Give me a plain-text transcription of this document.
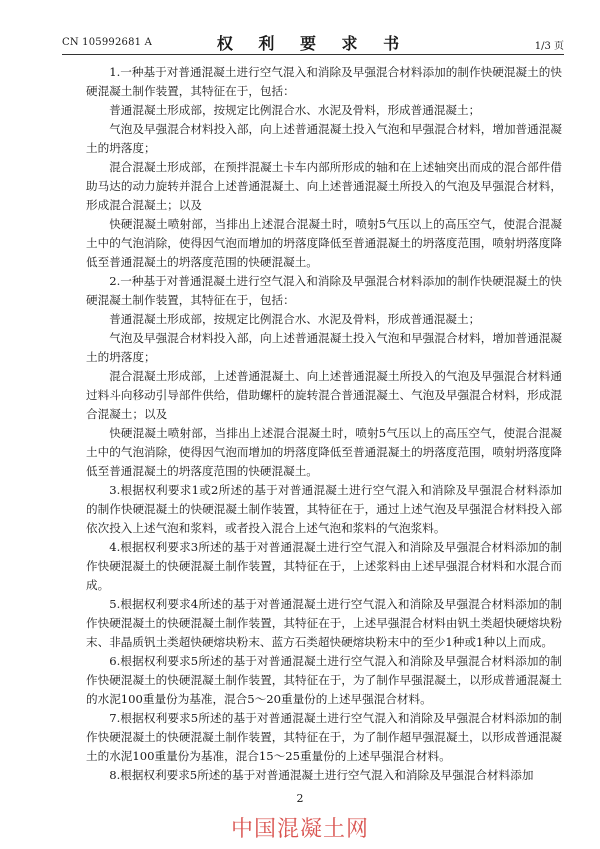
CN 105992681 A	权 利 要 求 书	1/3 页

1.一种基于对普通混凝土进行空气混入和消除及早强混合材料添加的制作快硬混凝土的快硬混凝土制作装置，其特征在于，包括：

普通混凝土形成部，按规定比例混合水、水泥及骨料，形成普通混凝土；

气泡及早强混合材料投入部，向上述普通混凝土投入气泡和早强混合材料，增加普通混凝土的坍落度；

混合混凝土形成部，在预拌混凝土卡车内部所形成的轴和在上述轴突出而成的混合部件借助马达的动力旋转并混合上述普通混凝土、向上述普通混凝土所投入的气泡及早强混合材料，形成混合混凝土；以及

快硬混凝土喷射部，当排出上述混合混凝土时，喷射5气压以上的高压空气，使混合混凝土中的气泡消除，使得因气泡而增加的坍落度降低至普通混凝土的坍落度范围，喷射坍落度降低至普通混凝土的坍落度范围的快硬混凝土。

2.一种基于对普通混凝土进行空气混入和消除及早强混合材料添加的制作快硬混凝土的快硬混凝土制作装置，其特征在于，包括：

普通混凝土形成部，按规定比例混合水、水泥及骨料，形成普通混凝土；

气泡及早强混合材料投入部，向上述普通混凝土投入气泡和早强混合材料，增加普通混凝土的坍落度；

混合混凝土形成部，上述普通混凝土、向上述普通混凝土所投入的气泡及早强混合材料通过料斗向移动引导部件供给，借助螺杆的旋转混合普通混凝土、气泡及早强混合材料，形成混合混凝土；以及

快硬混凝土喷射部，当排出上述混合混凝土时，喷射5气压以上的高压空气，使混合混凝土中的气泡消除，使得因气泡而增加的坍落度降低至普通混凝土的坍落度范围，喷射坍落度降低至普通混凝土的坍落度范围的快硬混凝土。

3.根据权利要求1或2所述的基于对普通混凝土进行空气混入和消除及早强混合材料添加的制作快硬混凝土的快硬混凝土制作装置，其特征在于，通过上述气泡及早强混合材料投入部依次投入上述气泡和浆料，或者投入混合上述气泡和浆料的气泡浆料。

4.根据权利要求3所述的基于对普通混凝土进行空气混入和消除及早强混合材料添加的制作快硬混凝土的快硬混凝土制作装置，其特征在于，上述浆料由上述早强混合材料和水混合而成。

5.根据权利要求4所述的基于对普通混凝土进行空气混入和消除及早强混合材料添加的制作快硬混凝土的快硬混凝土制作装置，其特征在于，上述早强混合材料由钒土类超快硬熔块粉末、非晶质钒土类超快硬熔块粉末、蓝方石类超快硬熔块粉末中的至少1种或1种以上而成。

6.根据权利要求5所述的基于对普通混凝土进行空气混入和消除及早强混合材料添加的制作快硬混凝土的快硬混凝土制作装置，其特征在于，为了制作早强混凝土，以形成普通混凝土的水泥100重量份为基准，混合5～20重量份的上述早强混合材料。

7.根据权利要求5所述的基于对普通混凝土进行空气混入和消除及早强混合材料添加的制作快硬混凝土的快硬混凝土制作装置，其特征在于，为了制作超早强混凝土，以形成普通混凝土的水泥100重量份为基准，混合15～25重量份的上述早强混合材料。

8.根据权利要求5所述的基于对普通混凝土进行空气混入和消除及早强混合材料添加

2
中国混凝土网
